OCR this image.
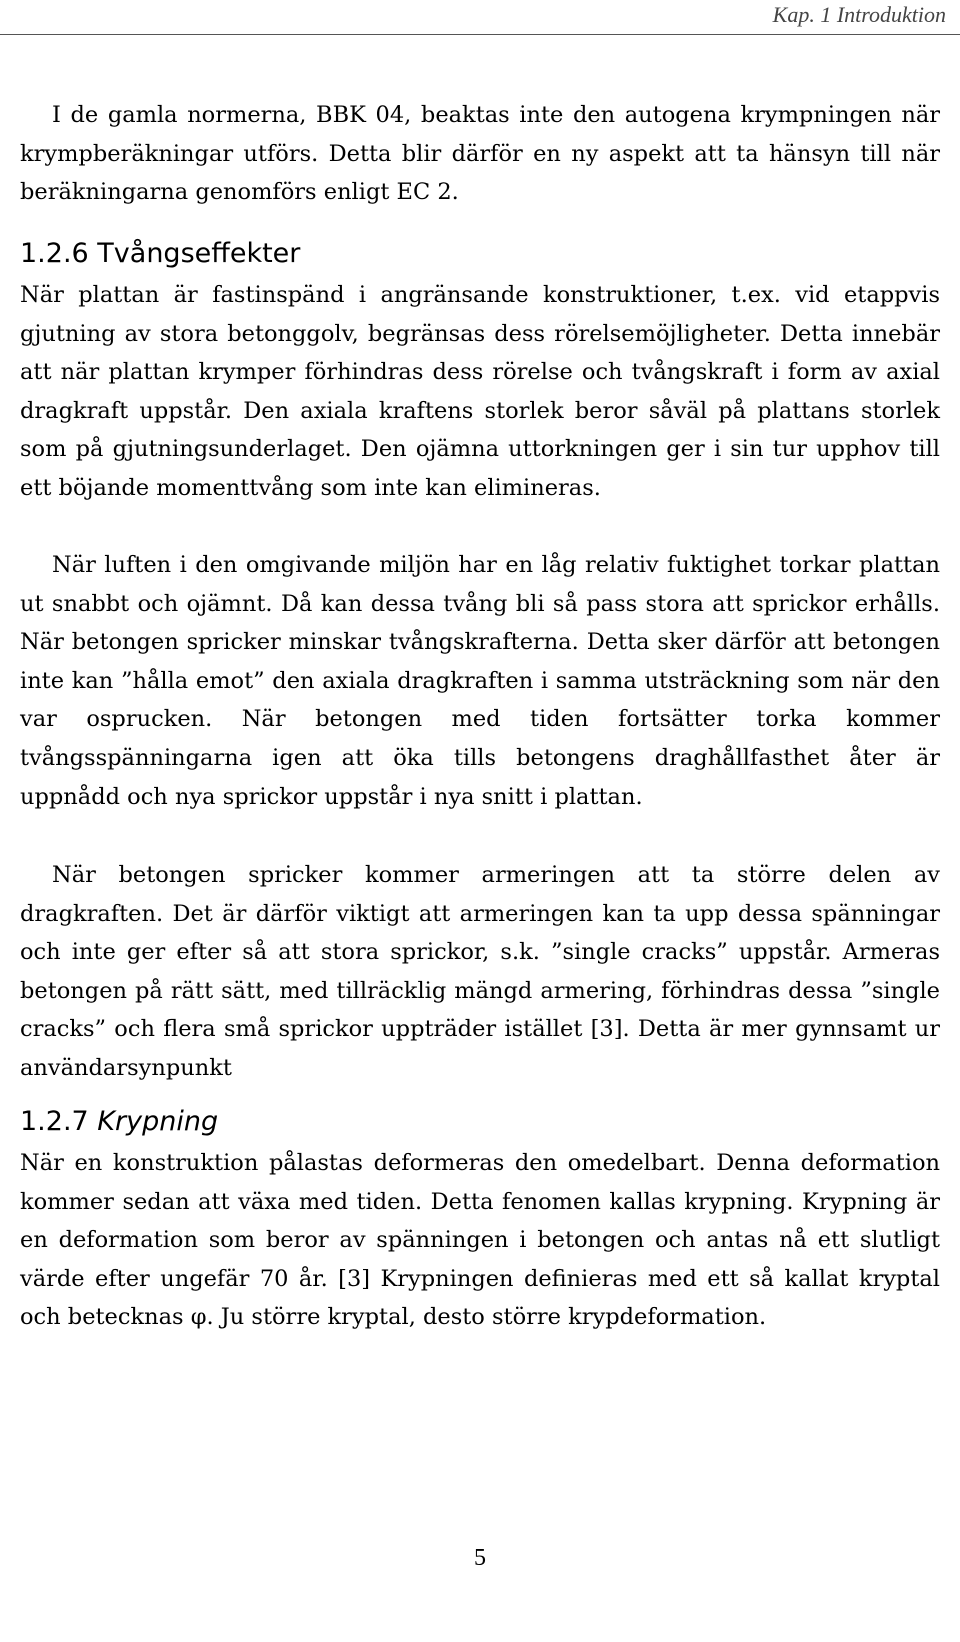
Kap. 1 Introduktion

I de gamla normerna, BBK 04, beaktas inte den autogena krympningen när krympberäkningar utförs. Detta blir därför en ny aspekt att ta hänsyn till när beräkningarna genomförs enligt EC 2.

1.2.6 Tvångseffekter

När plattan är fastinspänd i angränsande konstruktioner, t.ex. vid etappvis gjutning av stora betonggolv, begränsas dess rörelsemöjligheter. Detta innebär att när plattan krymper förhindras dess rörelse och tvångskraft i form av axial dragkraft uppstår. Den axiala kraftens storlek beror såväl på plattans storlek som på gjutningsunderlaget. Den ojämna uttorkningen ger i sin tur upphov till ett böjande momenttvång som inte kan elimineras.

När luften i den omgivande miljön har en låg relativ fuktighet torkar plattan ut snabbt och ojämnt. Då kan dessa tvång bli så pass stora att sprickor erhålls. När betongen spricker minskar tvångskrafterna. Detta sker därför att betongen inte kan ”hålla emot” den axiala dragkraften i samma utsträckning som när den var osprucken. När betongen med tiden fortsätter torka kommer tvångsspänningarna igen att öka tills betongens draghållfasthet åter är uppnådd och nya sprickor uppstår i nya snitt i plattan.

När betongen spricker kommer armeringen att ta större delen av dragkraften. Det är därför viktigt att armeringen kan ta upp dessa spänningar och inte ger efter så att stora sprickor, s.k. ”single cracks” uppstår. Armeras betongen på rätt sätt, med tillräcklig mängd armering, förhindras dessa ”single cracks” och flera små sprickor uppträder istället [3]. Detta är mer gynnsamt ur användarsynpunkt

1.2.7 Krypning

När en konstruktion pålastas deformeras den omedelbart. Denna deformation kommer sedan att växa med tiden. Detta fenomen kallas krypning. Krypning är en deformation som beror av spänningen i betongen och antas nå ett slutligt värde efter ungefär 70 år. [3] Krypningen definieras med ett så kallat kryptal och betecknas φ. Ju större kryptal, desto större krypdeformation.

5
